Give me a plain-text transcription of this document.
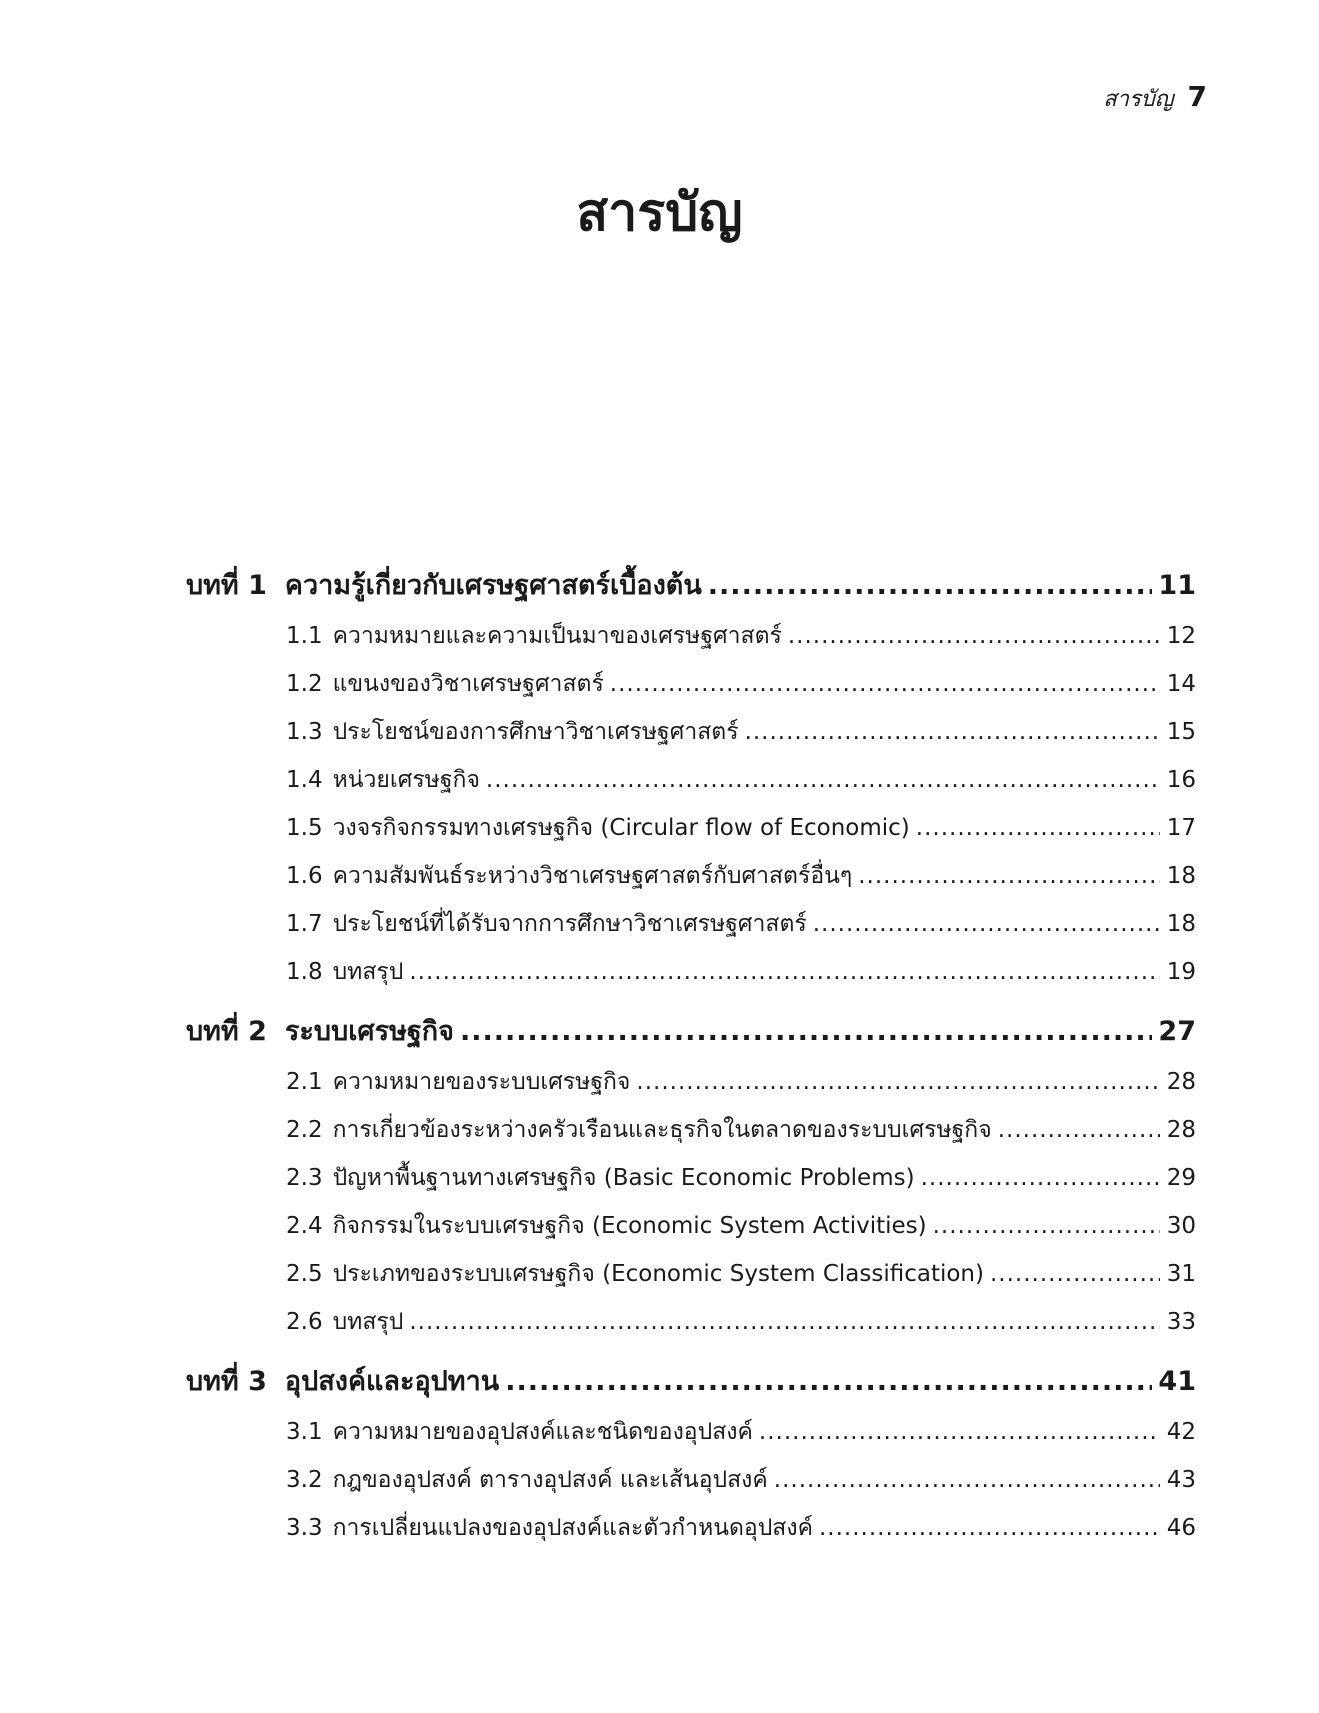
สารบัญ 7
สารบัญ
บทที่ 1 ความรู้เกี่ยวกับเศรษฐศาสตร์เบื้องต้น .....	11
1.1 ความหมายและความเป็นมาของเศรษฐศาสตร์ .....	12
1.2 แขนงของวิชาเศรษฐศาสตร์ .....	14
1.3 ประโยชน์ของการศึกษาวิชาเศรษฐศาสตร์ .....	15
1.4 หน่วยเศรษฐกิจ .....	16
1.5 วงจรกิจกรรมทางเศรษฐกิจ (Circular flow of Economic) .....	17
1.6 ความสัมพันธ์ระหว่างวิชาเศรษฐศาสตร์กับศาสตร์อื่นๆ .....	18
1.7 ประโยชน์ที่ได้รับจากการศึกษาวิชาเศรษฐศาสตร์ .....	18
1.8 บทสรุป .....	19
บทที่ 2 ระบบเศรษฐกิจ .....	27
2.1 ความหมายของระบบเศรษฐกิจ .....	28
2.2 การเกี่ยวข้องระหว่างครัวเรือนและธุรกิจในตลาดของระบบเศรษฐกิจ .....	28
2.3 ปัญหาพื้นฐานทางเศรษฐกิจ (Basic Economic Problems) .....	29
2.4 กิจกรรมในระบบเศรษฐกิจ (Economic System Activities) .....	30
2.5 ประเภทของระบบเศรษฐกิจ (Economic System Classification) .....	31
2.6 บทสรุป .....	33
บทที่ 3 อุปสงค์และอุปทาน .....	41
3.1 ความหมายของอุปสงค์และชนิดของอุปสงค์ .....	42
3.2 กฎของอุปสงค์ ตารางอุปสงค์ และเส้นอุปสงค์ .....	43
3.3 การเปลี่ยนแปลงของอุปสงค์และตัวกำหนดอุปสงค์ .....	46
